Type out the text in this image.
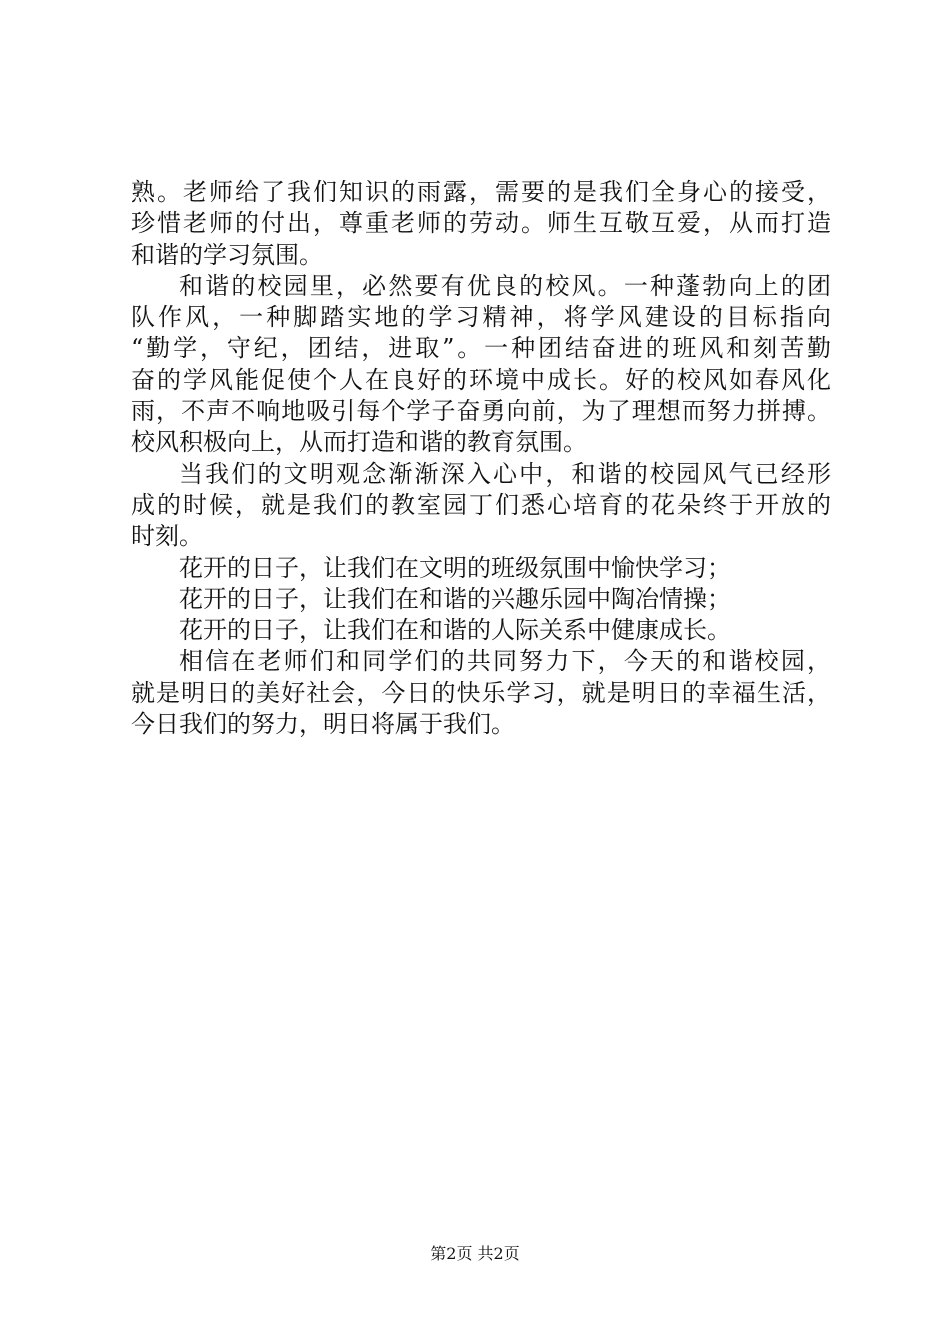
熟。老师给了我们知识的雨露，需要的是我们全身心的接受，
珍惜老师的付出，尊重老师的劳动。师生互敬互爱，从而打造
和谐的学习氛围。
和谐的校园里，必然要有优良的校风。一种蓬勃向上的团
队作风，一种脚踏实地的学习精神，将学风建设的目标指向
“勤学，守纪，团结，进取”。一种团结奋进的班风和刻苦勤
奋的学风能促使个人在良好的环境中成长。好的校风如春风化
雨，不声不响地吸引每个学子奋勇向前，为了理想而努力拼搏。
校风积极向上，从而打造和谐的教育氛围。
当我们的文明观念渐渐深入心中，和谐的校园风气已经形
成的时候，就是我们的教室园丁们悉心培育的花朵终于开放的
时刻。
花开的日子，让我们在文明的班级氛围中愉快学习；
花开的日子，让我们在和谐的兴趣乐园中陶冶情操；
花开的日子，让我们在和谐的人际关系中健康成长。
相信在老师们和同学们的共同努力下，今天的和谐校园，
就是明日的美好社会，今日的快乐学习，就是明日的幸福生活，
今日我们的努力，明日将属于我们。
第2页 共2页
